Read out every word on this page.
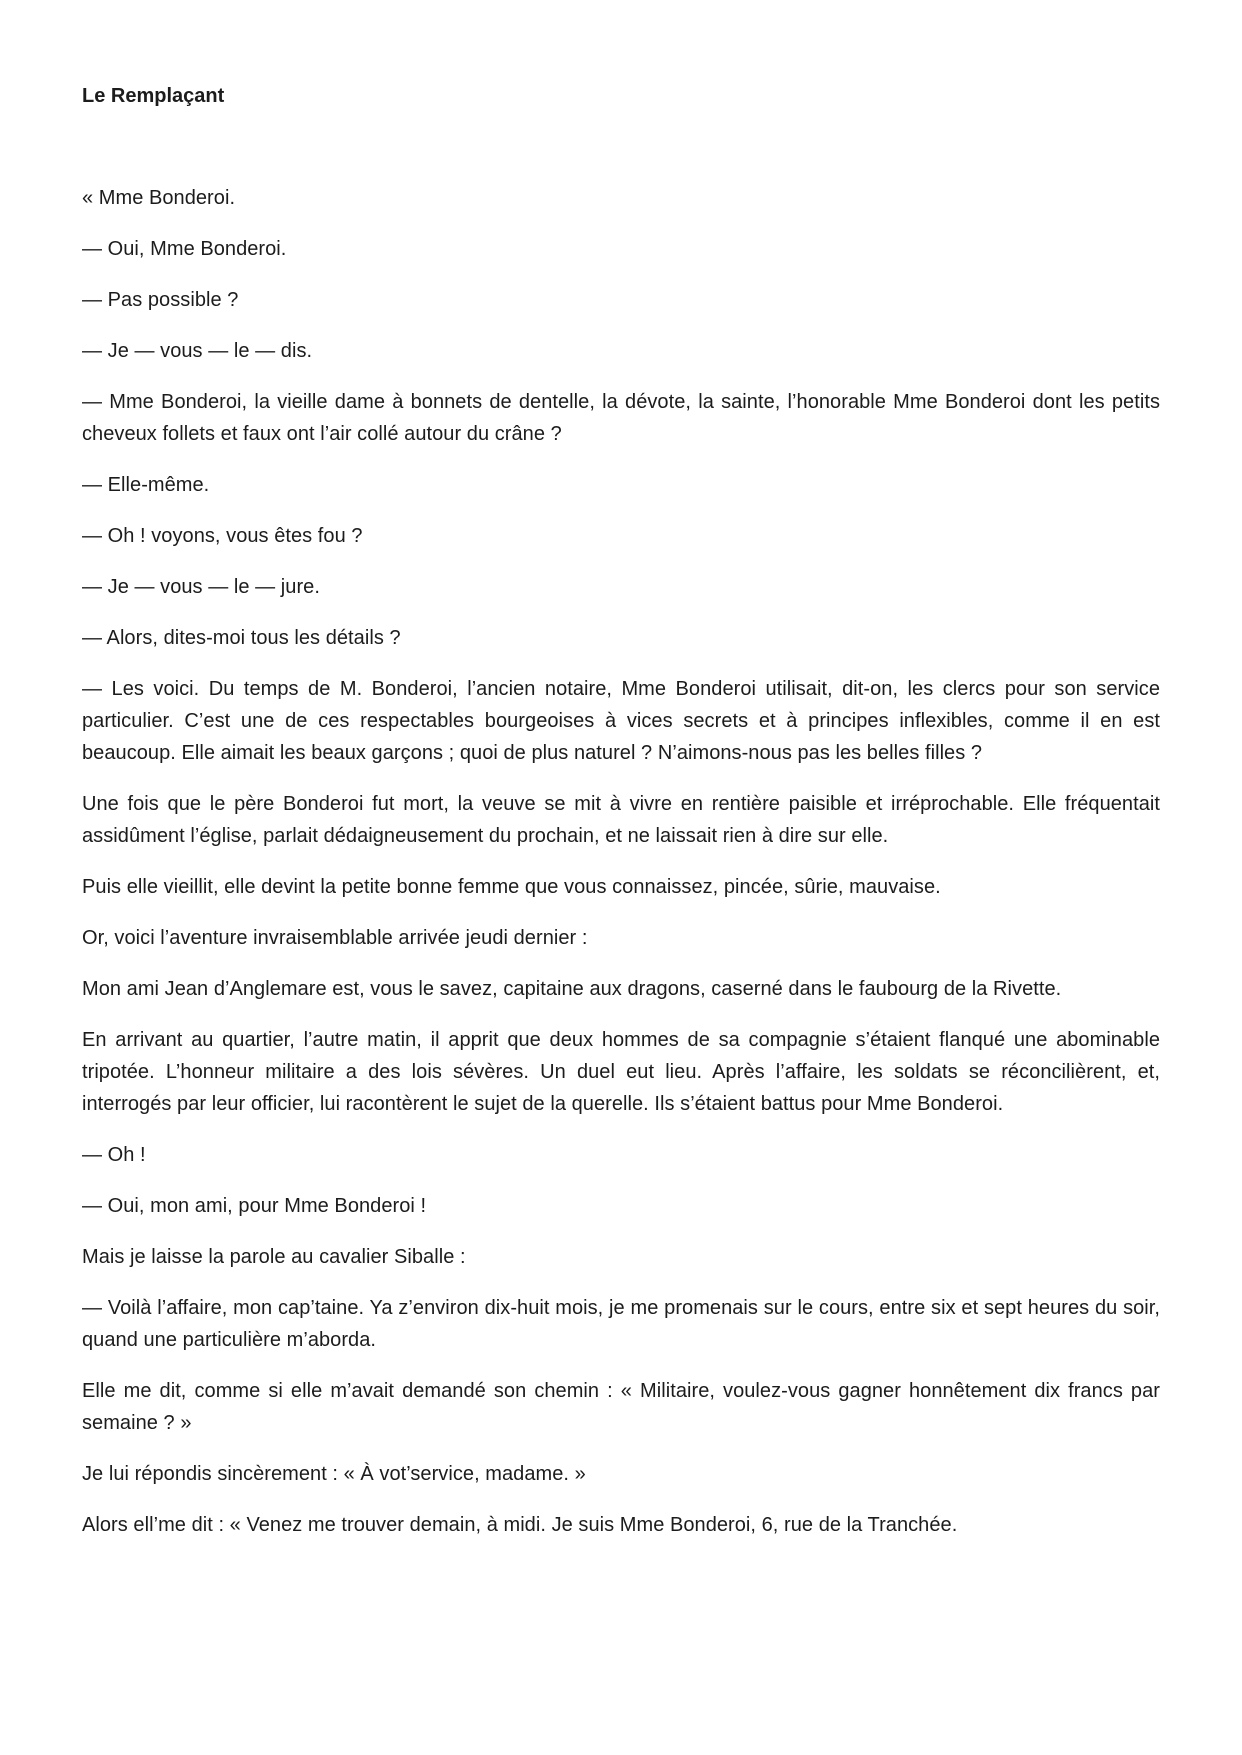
Le Remplaçant

« Mme Bonderoi.

— Oui, Mme Bonderoi.

— Pas possible ?

— Je — vous — le — dis.

— Mme Bonderoi, la vieille dame à bonnets de dentelle, la dévote, la sainte, l’honorable Mme Bonderoi dont les petits cheveux follets et faux ont l’air collé autour du crâne ?

— Elle-même.

— Oh ! voyons, vous êtes fou ?

— Je — vous — le — jure.

— Alors, dites-moi tous les détails ?

— Les voici. Du temps de M. Bonderoi, l’ancien notaire, Mme Bonderoi utilisait, dit-on, les clercs pour son service particulier. C’est une de ces respectables bourgeoises à vices secrets et à principes inflexibles, comme il en est beaucoup. Elle aimait les beaux garçons ; quoi de plus naturel ? N’aimons-nous pas les belles filles ?

Une fois que le père Bonderoi fut mort, la veuve se mit à vivre en rentière paisible et irréprochable. Elle fréquentait assidûment l’église, parlait dédaigneusement du prochain, et ne laissait rien à dire sur elle.

Puis elle vieillit, elle devint la petite bonne femme que vous connaissez, pincée, sûrie, mauvaise.

Or, voici l’aventure invraisemblable arrivée jeudi dernier :

Mon ami Jean d’Anglemare est, vous le savez, capitaine aux dragons, caserné dans le faubourg de la Rivette.

En arrivant au quartier, l’autre matin, il apprit que deux hommes de sa compagnie s’étaient flanqué une abominable tripotée. L’honneur militaire a des lois sévères. Un duel eut lieu. Après l’affaire, les soldats se réconcilièrent, et, interrogés par leur officier, lui racontèrent le sujet de la querelle. Ils s’étaient battus pour Mme Bonderoi.

— Oh !

— Oui, mon ami, pour Mme Bonderoi !

Mais je laisse la parole au cavalier Siballe :

— Voilà l’affaire, mon cap’taine. Ya z’environ dix-huit mois, je me promenais sur le cours, entre six et sept heures du soir, quand une particulière m’aborda.

Elle me dit, comme si elle m’avait demandé son chemin : « Militaire, voulez-vous gagner honnêtement dix francs par semaine ? »

Je lui répondis sincèrement : « À vot’service, madame. »

Alors ell’me dit : « Venez me trouver demain, à midi. Je suis Mme Bonderoi, 6, rue de la Tranchée.
